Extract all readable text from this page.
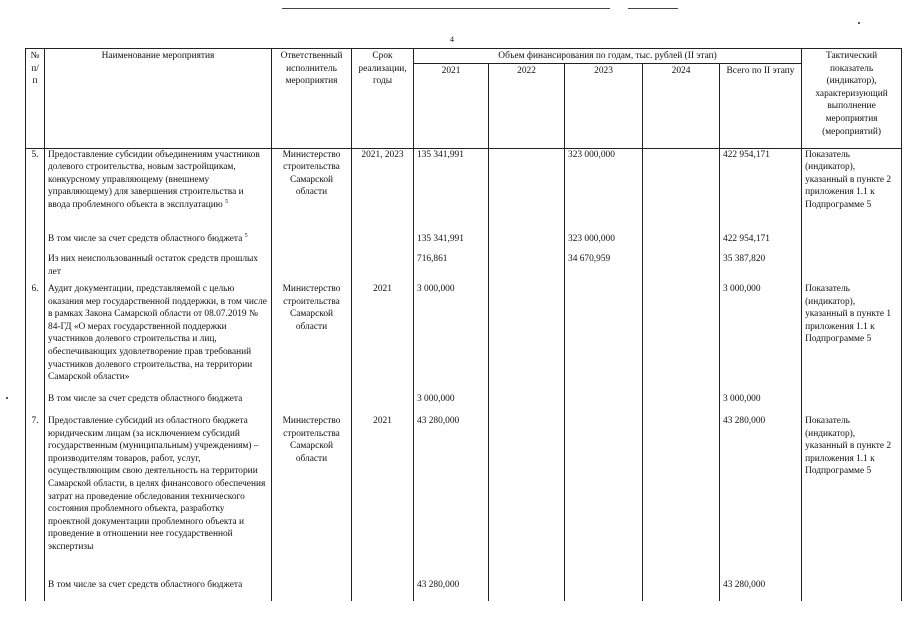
4
№ п/п	Наименование мероприятия	Ответственный исполнитель мероприятия	Срок реализации, годы	Объем финансирования по годам, тыс. рублей (II этап)					Тактический показатель (индикатор), характеризующий выполнение мероприятия (мероприятий)
				2021	2022	2023	2024	Всего по II этапу	
5.	Предоставление субсидии объединениям участников долевого строительства, новым застройщикам, конкурсному управляющему (внешнему управляющему) для завершения строительства и ввода проблемного объекта в эксплуатацию $^5$	Министерство строительства Самарской области	2021, 2023	135 341,991		323 000,000		422 954,171	Показатель (индикатор), указанный в пункте 2 приложения 1.1 к Подпрограмме 5
	В том числе за счет средств областного бюджета $^5$			135 341,991		323 000,000		422 954,171	
	Из них неиспользованный остаток средств прошлых лет			716,861		34 670,959		35 387,820	
6.	Аудит документации, представляемой с целью оказания мер государственной поддержки, в том числе в рамках Закона Самарской области от 08.07.2019 № 84-ГД «О мерах государственной поддержки участников долевого строительства и лиц, обеспечивающих удовлетворение прав требований участников долевого строительства, на территории Самарской области»	Министерство строительства Самарской области	2021	3 000,000				3 000,000	Показатель (индикатор), указанный в пункте 1 приложения 1.1 к Подпрограмме 5
	В том числе за счет средств областного бюджета			3 000,000				3 000,000	
7.	Предоставление субсидий из областного бюджета юридическим лицам (за исключением субсидий государственным (муниципальным) учреждениям) – производителям товаров, работ, услуг, осуществляющим свою деятельность на территории Самарской области, в целях финансового обеспечения затрат на проведение обследования технического состояния проблемного объекта, разработку проектной документации проблемного объекта и проведение в отношении нее государственной экспертизы	Министерство строительства Самарской области	2021	43 280,000				43 280,000	Показатель (индикатор), указанный в пункте 2 приложения 1.1 к Подпрограмме 5
	В том числе за счет средств областного бюджета			43 280,000				43 280,000	
